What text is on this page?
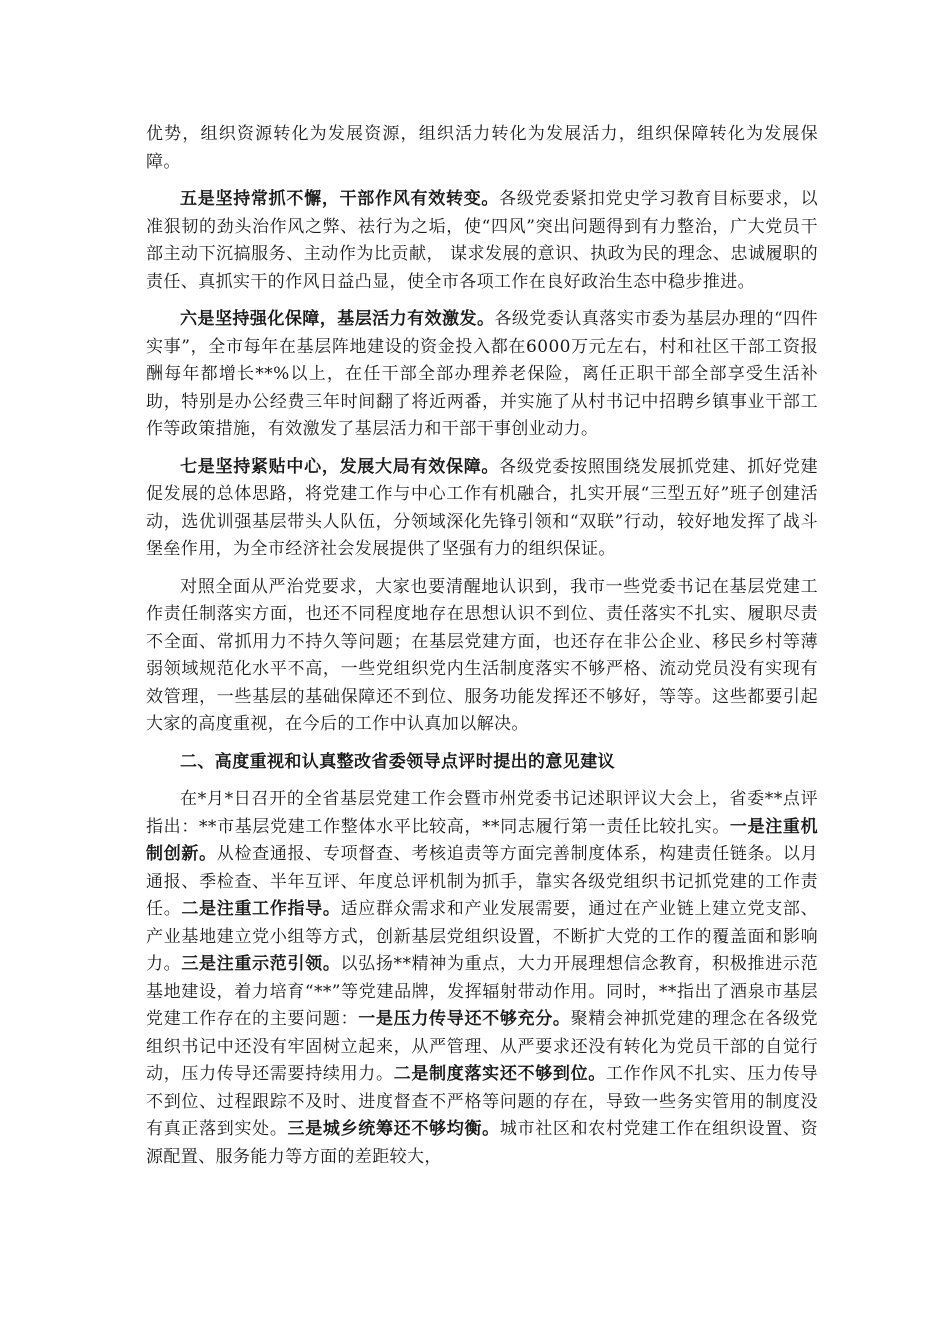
优势，组织资源转化为发展资源，组织活力转化为发展活力，组织保障转化为发展保障。

五是坚持常抓不懈，干部作风有效转变。各级党委紧扣党史学习教育目标要求，以准狠韧的劲头治作风之弊、祛行为之垢，使“四风”突出问题得到有力整治，广大党员干部主动下沉搞服务、主动作为比贡献， 谋求发展的意识、执政为民的理念、忠诚履职的责任、真抓实干的作风日益凸显，使全市各项工作在良好政治生态中稳步推进。

六是坚持强化保障，基层活力有效激发。各级党委认真落实市委为基层办理的“四件实事”，全市每年在基层阵地建设的资金投入都在6000万元左右，村和社区干部工资报酬每年都增长**%以上，在任干部全部办理养老保险，离任正职干部全部享受生活补助，特别是办公经费三年时间翻了将近两番，并实施了从村书记中招聘乡镇事业干部工作等政策措施，有效激发了基层活力和干部干事创业动力。

七是坚持紧贴中心，发展大局有效保障。各级党委按照围绕发展抓党建、抓好党建促发展的总体思路，将党建工作与中心工作有机融合，扎实开展“三型五好”班子创建活动，选优训强基层带头人队伍，分领域深化先锋引领和“双联”行动，较好地发挥了战斗堡垒作用，为全市经济社会发展提供了坚强有力的组织保证。

对照全面从严治党要求，大家也要清醒地认识到，我市一些党委书记在基层党建工作责任制落实方面，也还不同程度地存在思想认识不到位、责任落实不扎实、履职尽责不全面、常抓用力不持久等问题；在基层党建方面，也还存在非公企业、移民乡村等薄弱领域规范化水平不高，一些党组织党内生活制度落实不够严格、流动党员没有实现有效管理，一些基层的基础保障还不到位、服务功能发挥还不够好，等等。这些都要引起大家的高度重视，在今后的工作中认真加以解决。

二、高度重视和认真整改省委领导点评时提出的意见建议

在*月*日召开的全省基层党建工作会暨市州党委书记述职评议大会上，省委**点评指出：**市基层党建工作整体水平比较高，**同志履行第一责任比较扎实。一是注重机制创新。从检查通报、专项督查、考核追责等方面完善制度体系，构建责任链条。以月通报、季检查、半年互评、年度总评机制为抓手，靠实各级党组织书记抓党建的工作责任。二是注重工作指导。适应群众需求和产业发展需要，通过在产业链上建立党支部、产业基地建立党小组等方式，创新基层党组织设置，不断扩大党的工作的覆盖面和影响力。三是注重示范引领。以弘扬**精神为重点，大力开展理想信念教育，积极推进示范基地建设，着力培育“**”等党建品牌，发挥辐射带动作用。同时，**指出了酒泉市基层党建工作存在的主要问题：一是压力传导还不够充分。聚精会神抓党建的理念在各级党组织书记中还没有牢固树立起来，从严管理、从严要求还没有转化为党员干部的自觉行动，压力传导还需要持续用力。二是制度落实还不够到位。工作作风不扎实、压力传导不到位、过程跟踪不及时、进度督查不严格等问题的存在，导致一些务实管用的制度没有真正落到实处。三是城乡统筹还不够均衡。城市社区和农村党建工作在组织设置、资源配置、服务能力等方面的差距较大，
